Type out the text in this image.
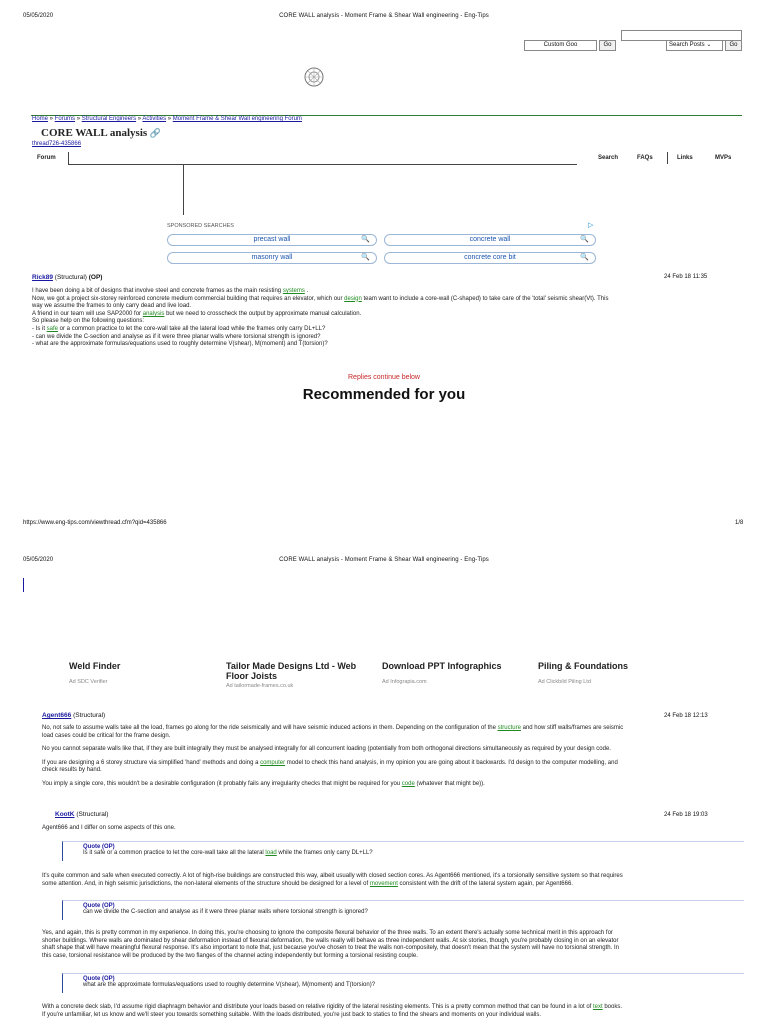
05/05/2020	CORE WALL analysis - Moment Frame & Shear Wall engineering - Eng-Tips
Custom Goo	Go	Search Posts ⌄	Go
Home » Forums » Structural Engineers » Activities » Moment Frame & Shear Wall engineering Forum
CORE WALL analysis 🔗
thread726-435866
Forum	Search	FAQs	Links	MVPs
SPONSORED SEARCHES	▷
precast wall	🔍	concrete wall	🔍
masonry wall	🔍	concrete core bit	🔍
Rick89 (Structural) (OP)	24 Feb 18 11:35
I have been doing a bit of designs that involve steel and concrete frames as the main resisting systems .
Now, we got a project six-storey reinforced concrete medium commercial building that requires an elevator, which our design team want to include a core-wall (C-shaped) to take care of the 'total' seismic shear(Vt). This
way we assume the frames to only carry dead and live load.
A friend in our team will use SAP2000 for analysis but we need to crosscheck the output by approximate manual calculation.
So please help on the following questions:
- Is it safe or a common practice to let the core-wall take all the lateral load while the frames only carry DL+LL?
- can we divide the C-section and analyse as if it were three planar walls where torsional strength is ignored?
- what are the approximate formulas/equations used to roughly determine V(shear), M(moment) and T(torsion)?
Replies continue below
Recommended for you
https://www.eng-tips.com/viewthread.cfm?qid=435866	1/8
05/05/2020	CORE WALL analysis - Moment Frame & Shear Wall engineering - Eng-Tips
Weld Finder
Ad SDC Verifier
Tailor Made Designs Ltd - Web Floor Joists
Ad tailormade-frames.co.uk
Download PPT Infographics
Ad Infograpia.com
Piling & Foundations
Ad Clickbild Piling Ltd
Agent666 (Structural)	24 Feb 18 12:13
No, not safe to assume walls take all the load, frames go along for the ride seismically and will have seismic induced actions in them. Depending on the configuration of the structure and how stiff walls/frames are seismic
load cases could be critical for the frame design.
No you cannot separate walls like that, if they are built integrally they must be analysed integrally for all concurrent loading (potentially from both orthogonal directions simultaneously as required by your design code.
If you are designing a 6 storey structure via simplified 'hand' methods and doing a computer model to check this hand analysis, in my opinion you are going about it backwards. I'd design to the computer modelling, and
check results by hand.
You imply a single core, this wouldn't be a desirable configuration (it probably fails any irregularity checks that might be required for you code (whatever that might be)).
KootK (Structural)	24 Feb 18 19:03
Agent666 and I differ on some aspects of this one.
Quote (OP)
Is it safe or a common practice to let the core-wall take all the lateral load while the frames only carry DL+LL?
It's quite common and safe when executed correctly. A lot of high-rise buildings are constructed this way, albeit usually with closed section cores. As Agent666 mentioned, it's a torsionally sensitive system so that requires
some attention. And, in high seismic jurisdictions, the non-lateral elements of the structure should be designed for a level of movement consistent with the drift of the lateral system again, per Agent666.
Quote (OP)
can we divide the C-section and analyse as if it were three planar walls where torsional strength is ignored?
Yes, and again, this is pretty common in my experience. In doing this, you're choosing to ignore the composite flexural behavior of the three walls. To an extent there's actually some technical merit in this approach for
shorter buildings. Where walls are dominated by shear deformation instead of flexural deformation, the walls really will behave as three independent walls. At six stories, though, you're probably closing in on an elevator
shaft shape that will have meaningful flexural response. It's also important to note that, just because you've chosen to treat the walls non-compositely, that doesn't mean that the system will have no torsional strength. In
this case, torsional resistance will be produced by the two flanges of the channel acting independently but forming a torsional resisting couple.
Quote (OP)
what are the approximate formulas/equations used to roughly determine V(shear), M(moment) and T(torsion)?
With a concrete deck slab, I'd assume rigid diaphragm behavior and distribute your loads based on relative rigidity of the lateral resisting elements. This is a pretty common method that can be found in a lot of text books.
If you're unfamiliar, let us know and we'll steer you towards something suitable. With the loads distributed, you're just back to statics to find the shears and moments on your individual walls.
